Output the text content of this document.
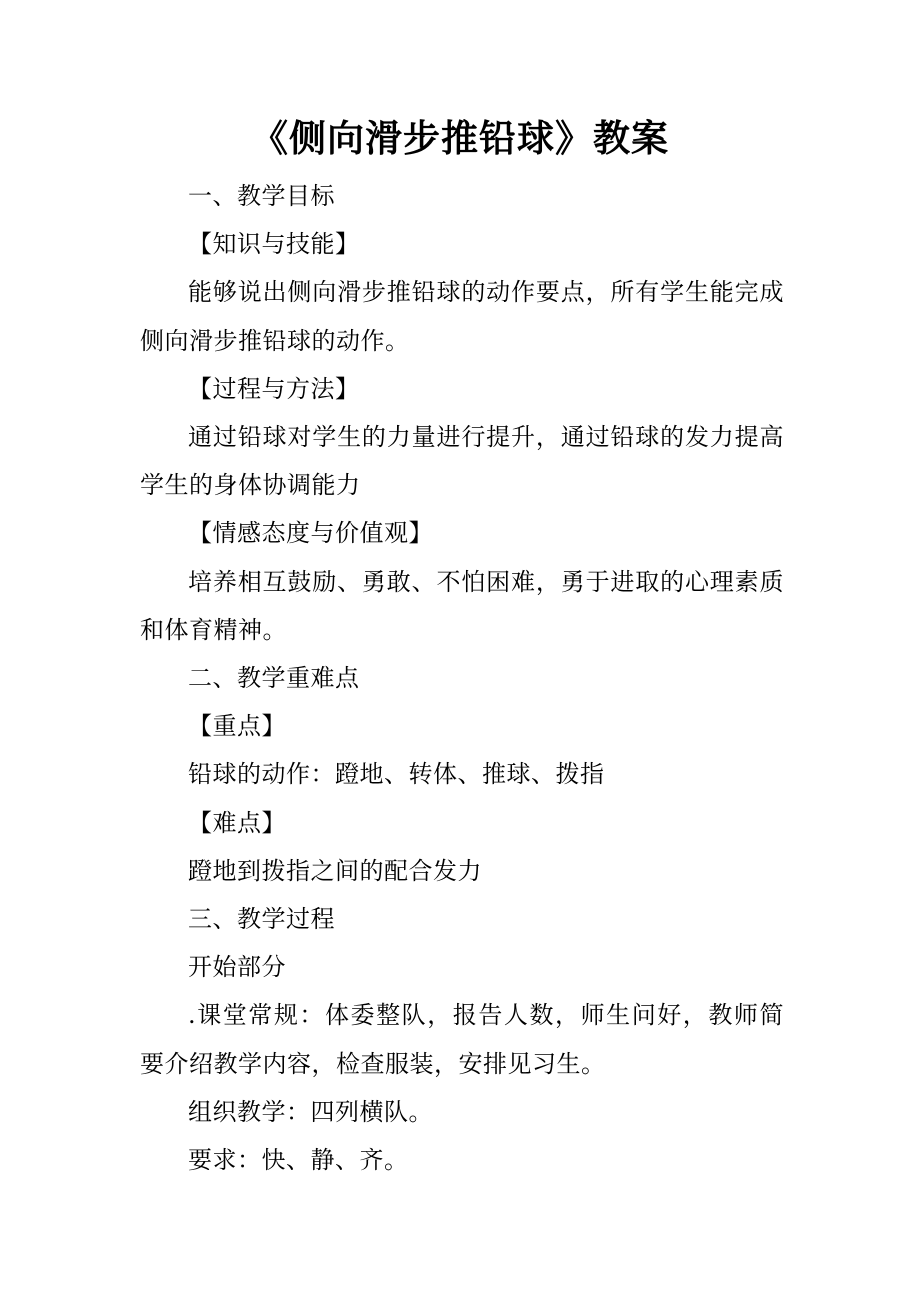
《侧向滑步推铅球》教案

一、教学目标

【知识与技能】

能够说出侧向滑步推铅球的动作要点，所有学生能完成侧向滑步推铅球的动作。

【过程与方法】

通过铅球对学生的力量进行提升，通过铅球的发力提高学生的身体协调能力

【情感态度与价值观】

培养相互鼓励、勇敢、不怕困难，勇于进取的心理素质和体育精神。

二、教学重难点

【重点】

铅球的动作：蹬地、转体、推球、拨指

【难点】

蹬地到拨指之间的配合发力

三、教学过程

开始部分

.课堂常规：体委整队，报告人数，师生问好，教师简要介绍教学内容，检查服装，安排见习生。

组织教学：四列横队。

要求：快、静、齐。
